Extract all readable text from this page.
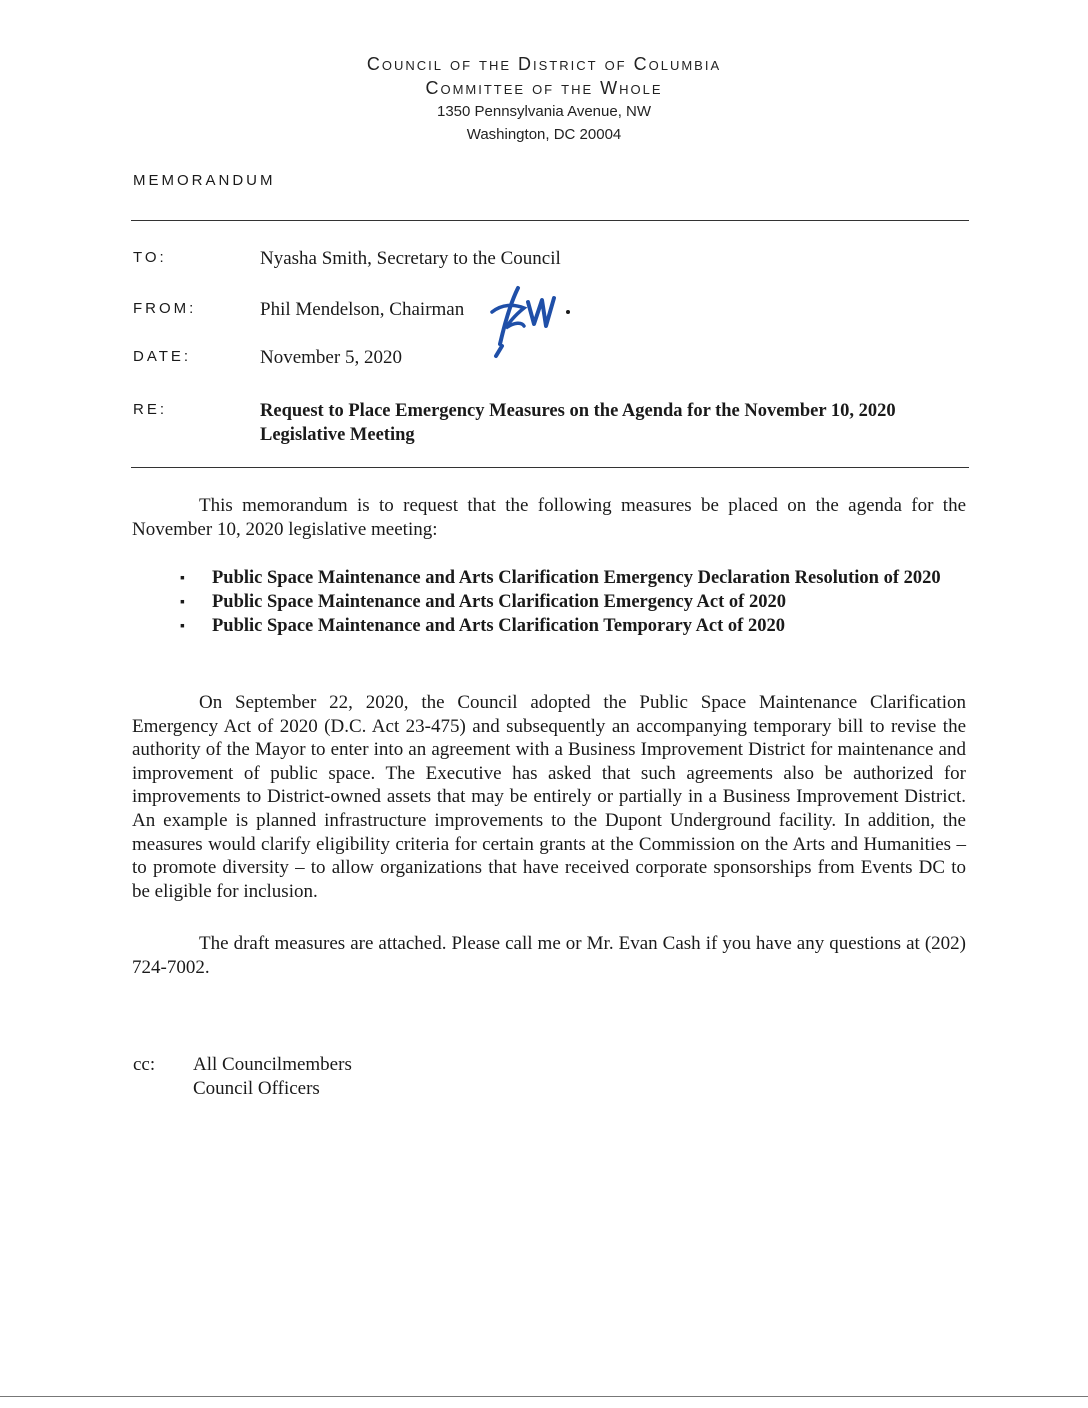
Council of the District of Columbia
Committee of the Whole
1350 Pennsylvania Avenue, NW
Washington, DC 20004
MEMORANDUM
TO:	Nyasha Smith, Secretary to the Council
FROM:	Phil Mendelson, Chairman
DATE:	November 5, 2020
RE:	Request to Place Emergency Measures on the Agenda for the November 10, 2020 Legislative Meeting
This memorandum is to request that the following measures be placed on the agenda for the November 10, 2020 legislative meeting:
▪ Public Space Maintenance and Arts Clarification Emergency Declaration Resolution of 2020
▪ Public Space Maintenance and Arts Clarification Emergency Act of 2020
▪ Public Space Maintenance and Arts Clarification Temporary Act of 2020
On September 22, 2020, the Council adopted the Public Space Maintenance Clarification Emergency Act of 2020 (D.C. Act 23-475) and subsequently an accompanying temporary bill to revise the authority of the Mayor to enter into an agreement with a Business Improvement District for maintenance and improvement of public space. The Executive has asked that such agreements also be authorized for improvements to District-owned assets that may be entirely or partially in a Business Improvement District. An example is planned infrastructure improvements to the Dupont Underground facility. In addition, the measures would clarify eligibility criteria for certain grants at the Commission on the Arts and Humanities – to promote diversity – to allow organizations that have received corporate sponsorships from Events DC to be eligible for inclusion.
The draft measures are attached. Please call me or Mr. Evan Cash if you have any questions at (202) 724-7002.
cc: All Councilmembers
Council Officers
